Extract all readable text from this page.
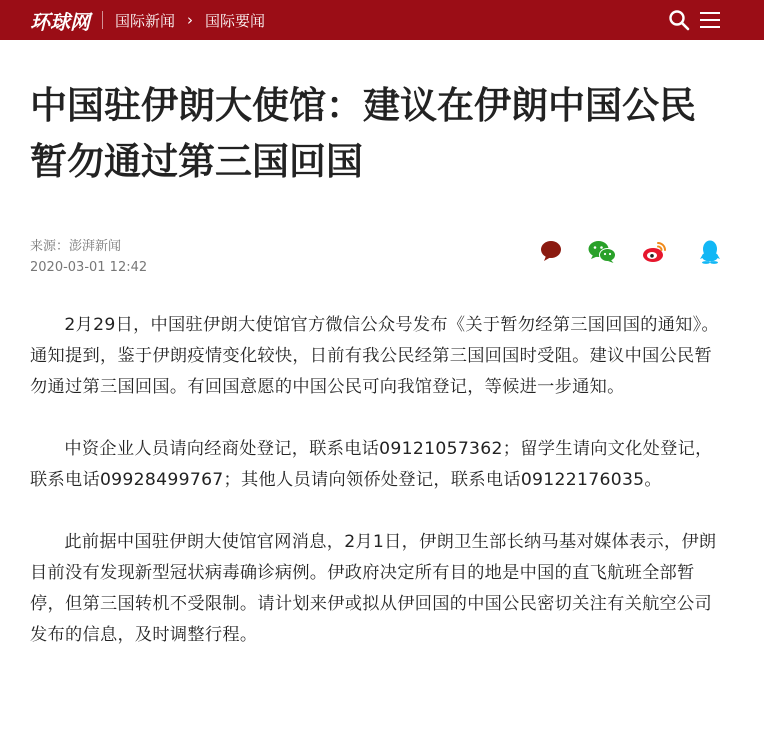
环球网 国际新闻 › 国际要闻
中国驻伊朗大使馆：建议在伊朗中国公民暂勿通过第三国回国
来源：澎湃新闻
2020-03-01 12:42

2月29日，中国驻伊朗大使馆官方微信公众号发布《关于暂勿经第三国回国的通知》。通知提到，鉴于伊朗疫情变化较快，日前有我公民经第三国回国时受阻。建议中国公民暂勿通过第三国回国。有回国意愿的中国公民可向我馆登记，等候进一步通知。

中资企业人员请向经商处登记，联系电话09121057362；留学生请向文化处登记，联系电话09928499767；其他人员请向领侨处登记，联系电话09122176035。

此前据中国驻伊朗大使馆官网消息，2月1日，伊朗卫生部长纳马基对媒体表示，伊朗目前没有发现新型冠状病毒确诊病例。伊政府决定所有目的地是中国的直飞航班全部暂停，但第三国转机不受限制。请计划来伊或拟从伊回国的中国公民密切关注有关航空公司发布的信息，及时调整行程。
